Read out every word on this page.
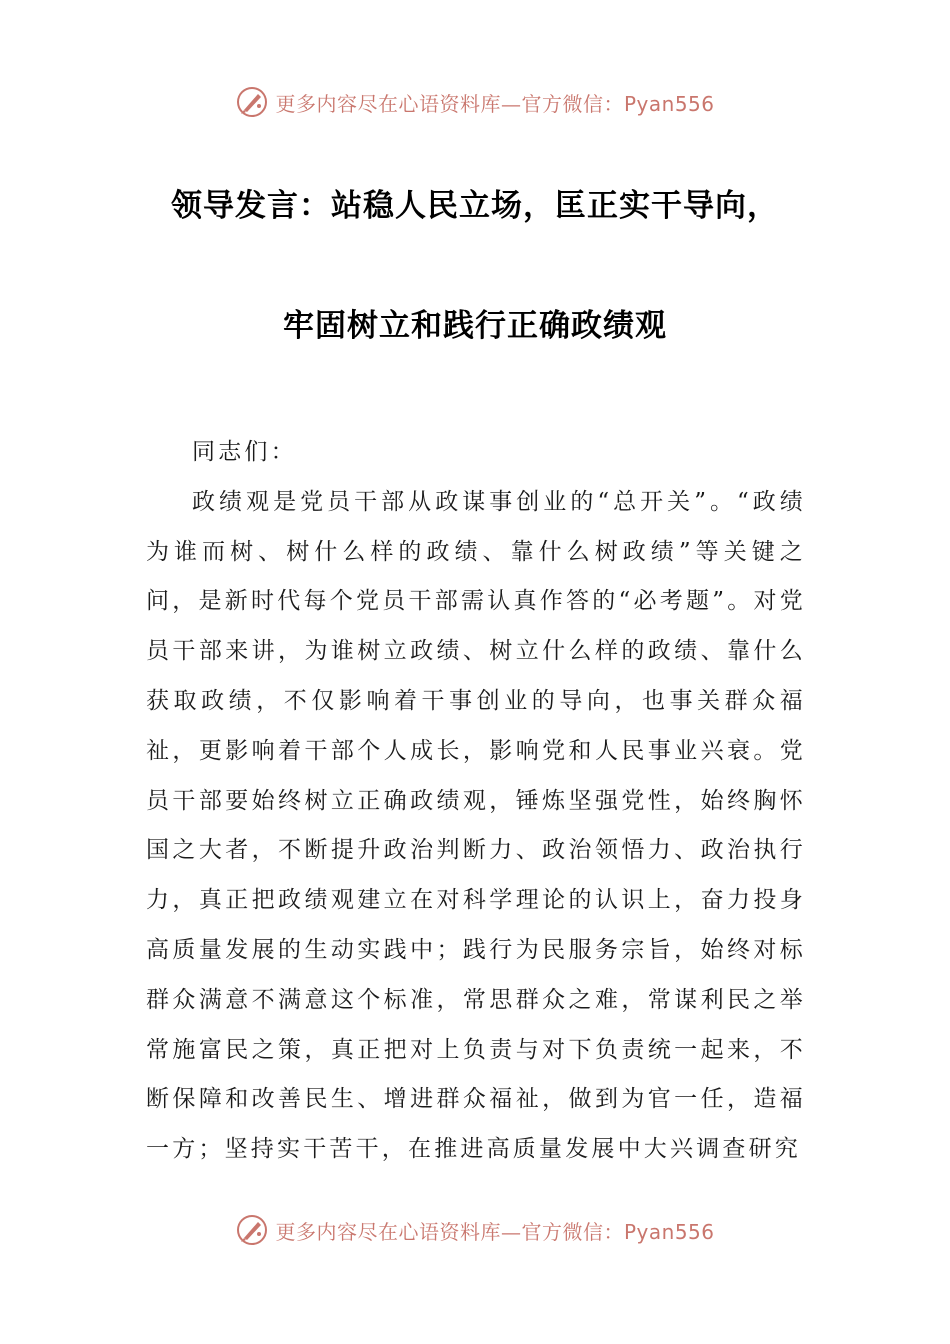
更多内容尽在心语资料库—官方微信：Pyan556
领导发言：站稳人民立场，匡正实干导向，
牢固树立和践行正确政绩观

同志们：

政绩观是党员干部从政谋事创业的“总开关”。“政绩为谁而树、树什么样的政绩、靠什么树政绩”等关键之问，是新时代每个党员干部需认真作答的“必考题”。对党员干部来讲，为谁树立政绩、树立什么样的政绩、靠什么获取政绩，不仅影响着干事创业的导向，也事关群众福祉，更影响着干部个人成长，影响党和人民事业兴衰。党员干部要始终树立正确政绩观，锤炼坚强党性，始终胸怀国之大者，不断提升政治判断力、政治领悟力、政治执行力，真正把政绩观建立在对科学理论的认识上，奋力投身高质量发展的生动实践中；践行为民服务宗旨，始终对标群众满意不满意这个标准，常思群众之难，常谋利民之举常施富民之策，真正把对上负责与对下负责统一起来，不断保障和改善民生、增进群众福祉，做到为官一任，造福一方；坚持实干苦干，在推进高质量发展中大兴调查研究

更多内容尽在心语资料库—官方微信：Pyan556
